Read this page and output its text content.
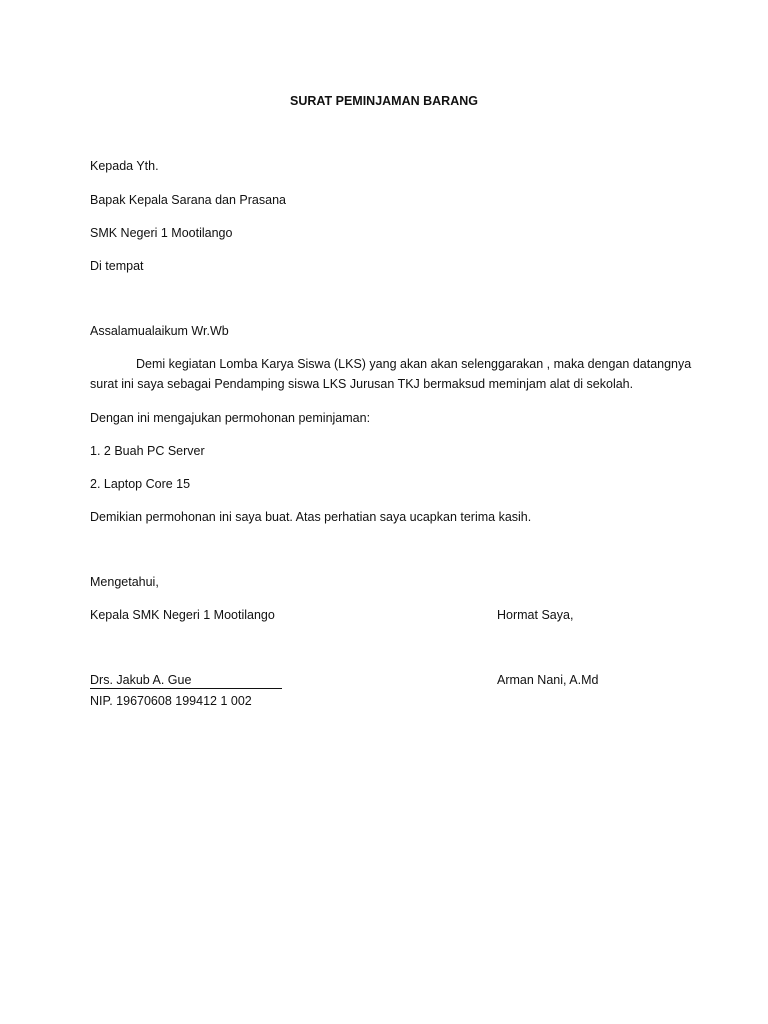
SURAT PEMINJAMAN BARANG
Kepada Yth.
Bapak Kepala Sarana dan Prasana
SMK Negeri 1 Mootilango
Di tempat
Assalamualaikum Wr.Wb
Demi kegiatan Lomba Karya Siswa (LKS) yang akan akan selenggarakan , maka dengan datangnya
surat ini saya sebagai Pendamping siswa LKS Jurusan TKJ bermaksud meminjam alat di sekolah.
Dengan ini mengajukan permohonan peminjaman:
1. 2 Buah PC Server
2. Laptop Core 15
Demikian permohonan ini saya buat. Atas perhatian saya ucapkan terima kasih.
Mengetahui,
Kepala SMK Negeri 1 Mootilango	Hormat Saya,
Drs. Jakub A. Gue
NIP. 19670608 199412 1 002
Arman Nani, A.Md
